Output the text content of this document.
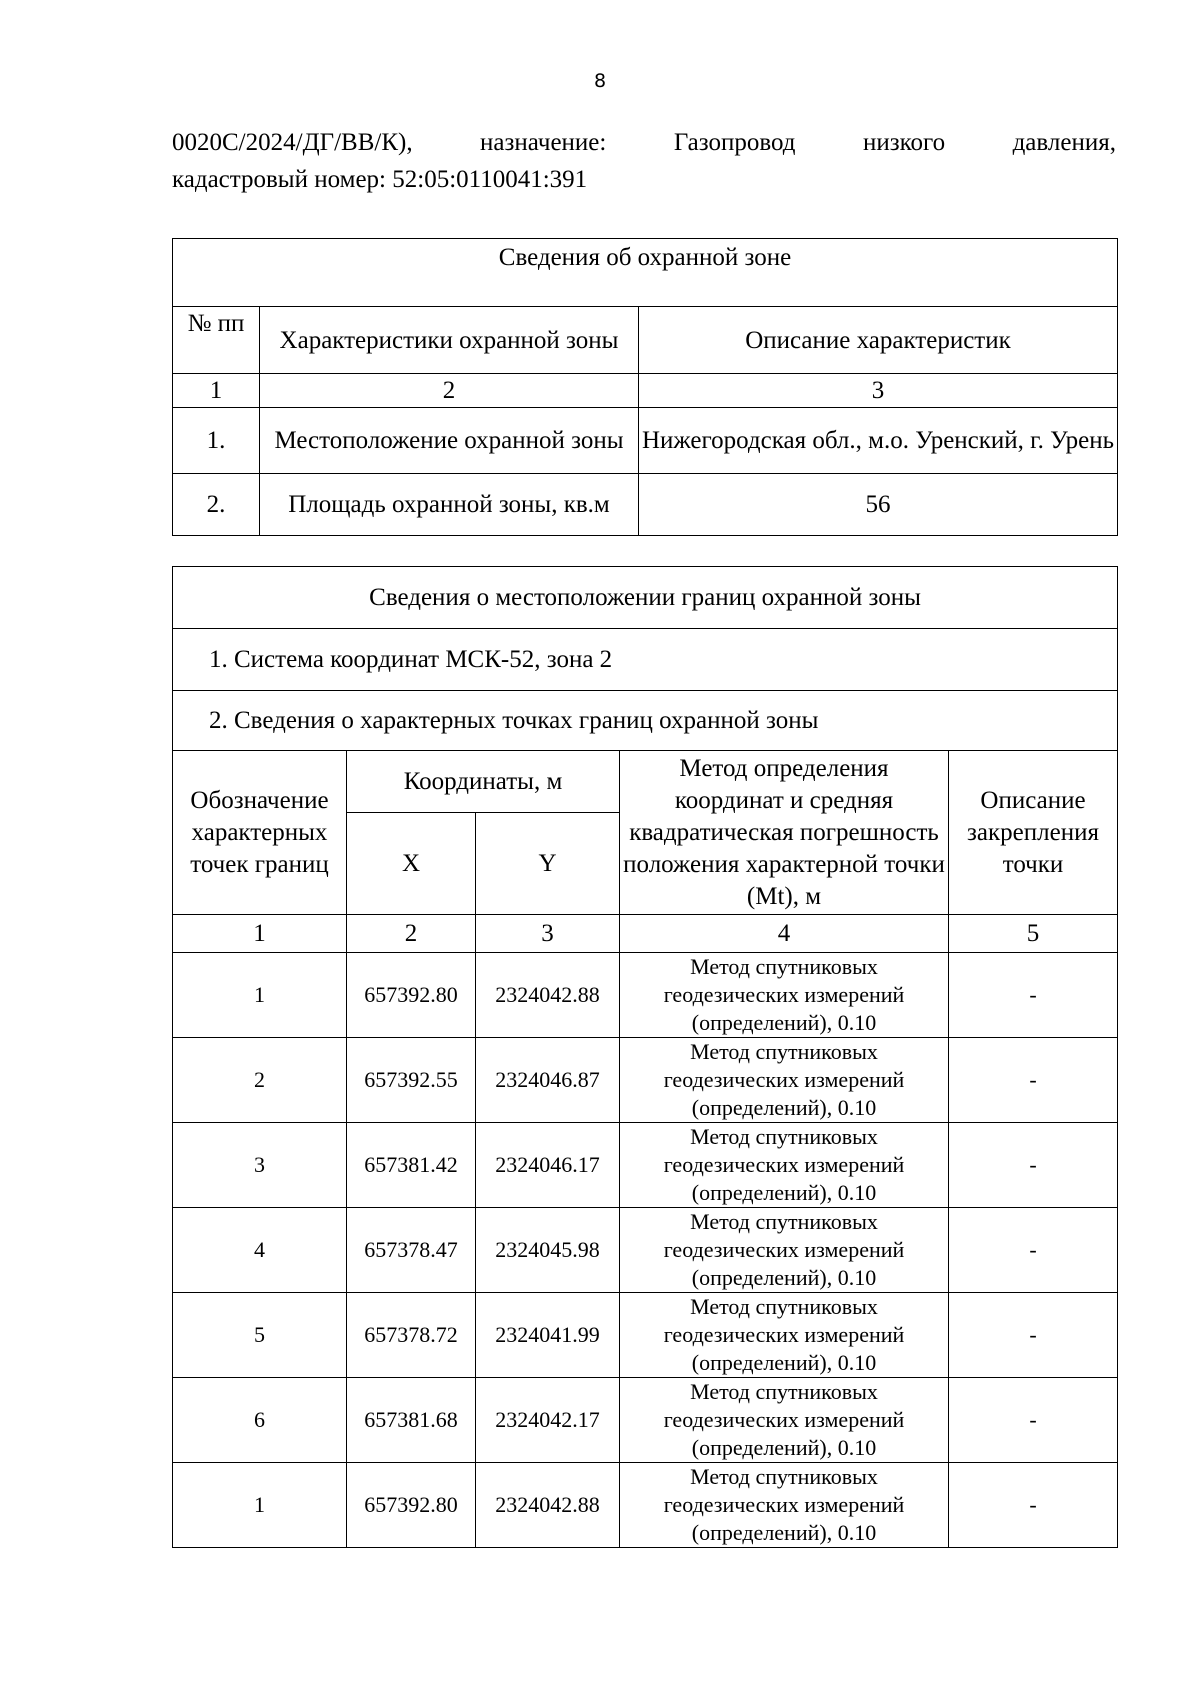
8
0020С/2024/ДГ/ВВ/К),	назначение:	Газопровод	низкого	давления,
кадастровый номер: 52:05:0110041:391
Сведения об охранной зоне		
№ пп	Характеристики охранной зоны	Описание характеристик
1	2	3
1.	Местоположение охранной зоны	Нижегородская обл., м.о. Уренский, г. Урень
2.	Площадь охранной зоны, кв.м	56
Сведения о местоположении границ охранной зоны				
1. Система координат МСК-52, зона 2				
2. Сведения о характерных точках границ охранной зоны				
Обозначение характерных точек границ	Координаты, м		Метод определения координат и средняя квадратическая погрешность положения характерной точки (Mt), м	Описание закрепления точки
	X	Y		
1	2	3	4	5
1	657392.80	2324042.88	Метод спутниковых геодезических измерений (определений), 0.10	-
2	657392.55	2324046.87	Метод спутниковых геодезических измерений (определений), 0.10	-
3	657381.42	2324046.17	Метод спутниковых геодезических измерений (определений), 0.10	-
4	657378.47	2324045.98	Метод спутниковых геодезических измерений (определений), 0.10	-
5	657378.72	2324041.99	Метод спутниковых геодезических измерений (определений), 0.10	-
6	657381.68	2324042.17	Метод спутниковых геодезических измерений (определений), 0.10	-
1	657392.80	2324042.88	Метод спутниковых геодезических измерений (определений), 0.10	-
